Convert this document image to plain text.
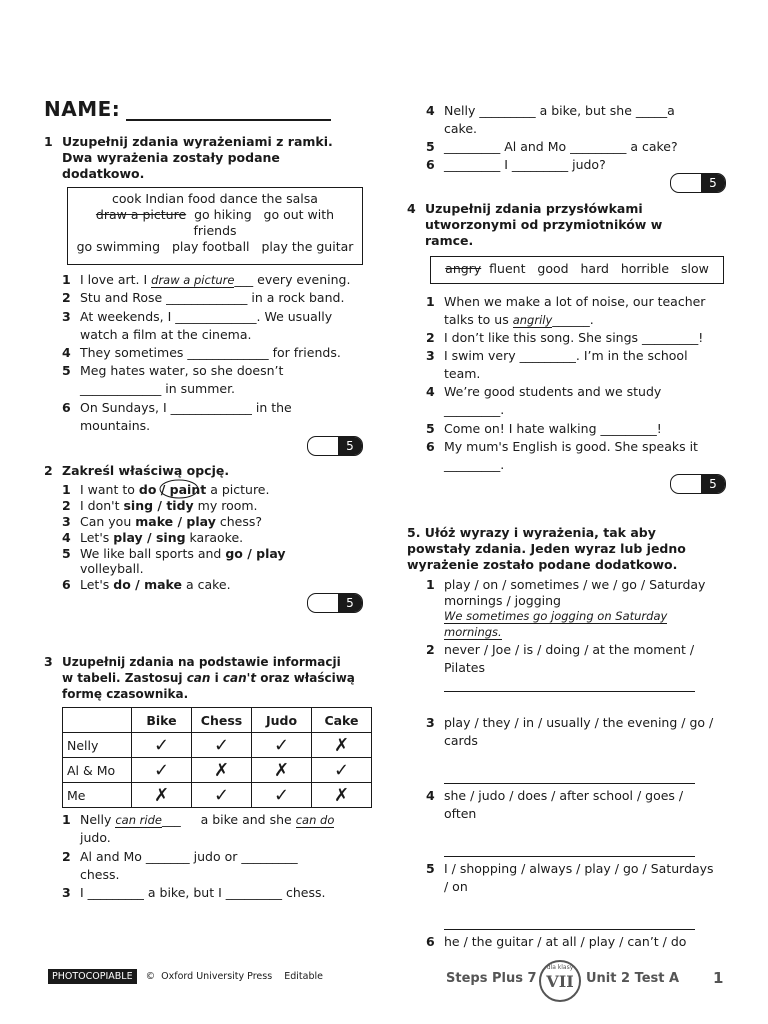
NAME:
1 Uzupełnij zdania wyrażeniami z ramki. Dwa wyrażenia zostały podane dodatkowo.
cook Indian food dance the salsa
draw a picture  go hiking   go out with
friends
go swimming   play football   play the guitar
1 I love art. I draw a picture___ every evening.
2 Stu and Rose _____________ in a rock band.
3 At weekends, I _____________. We usually
watch a film at the cinema.
4 They sometimes _____________ for friends.
5 Meg hates water, so she doesn’t
_____________ in summer.
6 On Sundays, I _____________ in the
mountains.
5
2 Zakreśl właściwą opcję.
1 I want to do / paint a picture.
2 I don't sing / tidy my room.
3 Can you make / play chess?
4 Let's play / sing karaoke.
5 We like ball sports and go / play
volleyball.
6 Let's do / make a cake.
5
3 Uzupełnij zdania na podstawie informacji
w tabeli. Zastosuj can i can't oraz właściwą
formę czasownika.
	Bike	Chess	Judo	Cake
Nelly	✓	✓	✓	✗
Al & Mo	✓	✗	✗	✓
Me	✗	✓	✓	✗
1 Nelly can ride___     a bike and she can do
judo.
2 Al and Mo _______ judo or _________
chess.
3 I _________ a bike, but I _________ chess.
4 Nelly _________ a bike, but she _____a
cake.
5 _________ Al and Mo _________ a cake?
6 _________ I _________ judo?
5
4 Uzupełnij zdania przysłówkami utworzonymi od przymiotników w ramce.
angry  fluent   good   hard   horrible   slow
1 When we make a lot of noise, our teacher
talks to us angrily______.
2 I don’t like this song. She sings _________!
3 I swim very _________. I’m in the school
team.
4 We’re good students and we study
_________.
5 Come on! I hate walking _________!
6 My mum's English is good. She speaks it
_________.
5
5. Ułóż wyrazy i wyrażenia, tak aby powstały zdania. Jeden wyraz lub jedno wyrażenie zostało podane dodatkowo.
1 play / on / sometimes / we / go / Saturday
mornings / jogging
We sometimes go jogging on Saturday
mornings.
2 never / Joe / is / doing / at the moment /
Pilates
3 play / they / in / usually / the evening / go /
cards
4 she / judo / does / after school / goes /
often
5 I / shopping / always / play / go / Saturdays
/ on
6 he / the guitar / at all / play / can’t / do
PHOTOCOPIABLE ©  Oxford University Press    Editable	Steps Plus 7
dla klasy
VII Unit 2 Test A 1
